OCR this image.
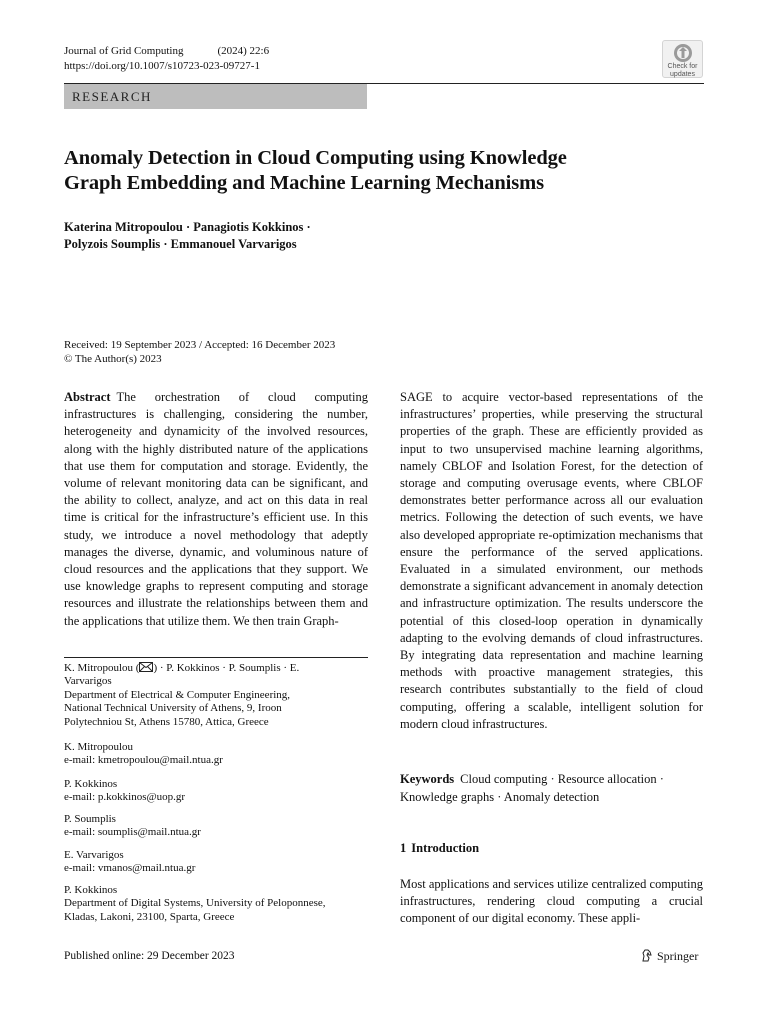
Journal of Grid Computing	(2024) 22:6
https://doi.org/10.1007/s10723-023-09727-1	Check for
updates
RESEARCH
Anomaly Detection in Cloud Computing using Knowledge
Graph Embedding and Machine Learning Mechanisms
Katerina Mitropoulou · Panagiotis Kokkinos ·
Polyzois Soumplis · Emmanouel Varvarigos
Received: 19 September 2023 / Accepted: 16 December 2023
© The Author(s) 2023
Abstract The orchestration of cloud computing infrastructures is challenging, considering the number, heterogeneity and dynamicity of the involved resources, along with the highly distributed nature of the applications that use them for computation and storage. Evidently, the volume of relevant monitoring data can be significant, and the ability to collect, analyze, and act on this data in real time is critical for the infrastructure’s efficient use. In this study, we introduce a novel methodology that adeptly manages the diverse, dynamic, and voluminous nature of cloud resources and the applications that they support. We use knowledge graphs to represent computing and storage resources and illustrate the relationships between them and the applications that utilize them. We then train Graph-
SAGE to acquire vector-based representations of the infrastructures’ properties, while preserving the structural properties of the graph. These are efficiently provided as input to two unsupervised machine learning algorithms, namely CBLOF and Isolation Forest, for the detection of storage and computing overusage events, where CBLOF demonstrates better performance across all our evaluation metrics. Following the detection of such events, we have also developed appropriate re-optimization mechanisms that ensure the performance of the served applications. Evaluated in a simulated environment, our methods demonstrate a significant advancement in anomaly detection and infrastructure optimization. The results underscore the potential of this closed-loop operation in dynamically adapting to the evolving demands of cloud infrastructures. By integrating data representation and machine learning methods with proactive management strategies, this research contributes substantially to the field of cloud computing, offering a scalable, intelligent solution for modern cloud infrastructures.
K. Mitropoulou ( ) · P. Kokkinos · P. Soumplis · E.
Varvarigos
Department of Electrical & Computer Engineering,
National Technical University of Athens, 9, Iroon
Polytechniou St, Athens 15780, Attica, Greece
K. Mitropoulou
e-mail: kmetropoulou@mail.ntua.gr
P. Kokkinos
e-mail: p.kokkinos@uop.gr
P. Soumplis
e-mail: soumplis@mail.ntua.gr
E. Varvarigos
e-mail: vmanos@mail.ntua.gr
P. Kokkinos
Department of Digital Systems, University of Peloponnese,
Kladas, Lakoni, 23100, Sparta, Greece
Keywords Cloud computing · Resource allocation ·
Knowledge graphs · Anomaly detection
1 Introduction
Most applications and services utilize centralized computing infrastructures, rendering cloud computing a crucial component of our digital economy. These appli-
Published online: 29 December 2023	Springer
